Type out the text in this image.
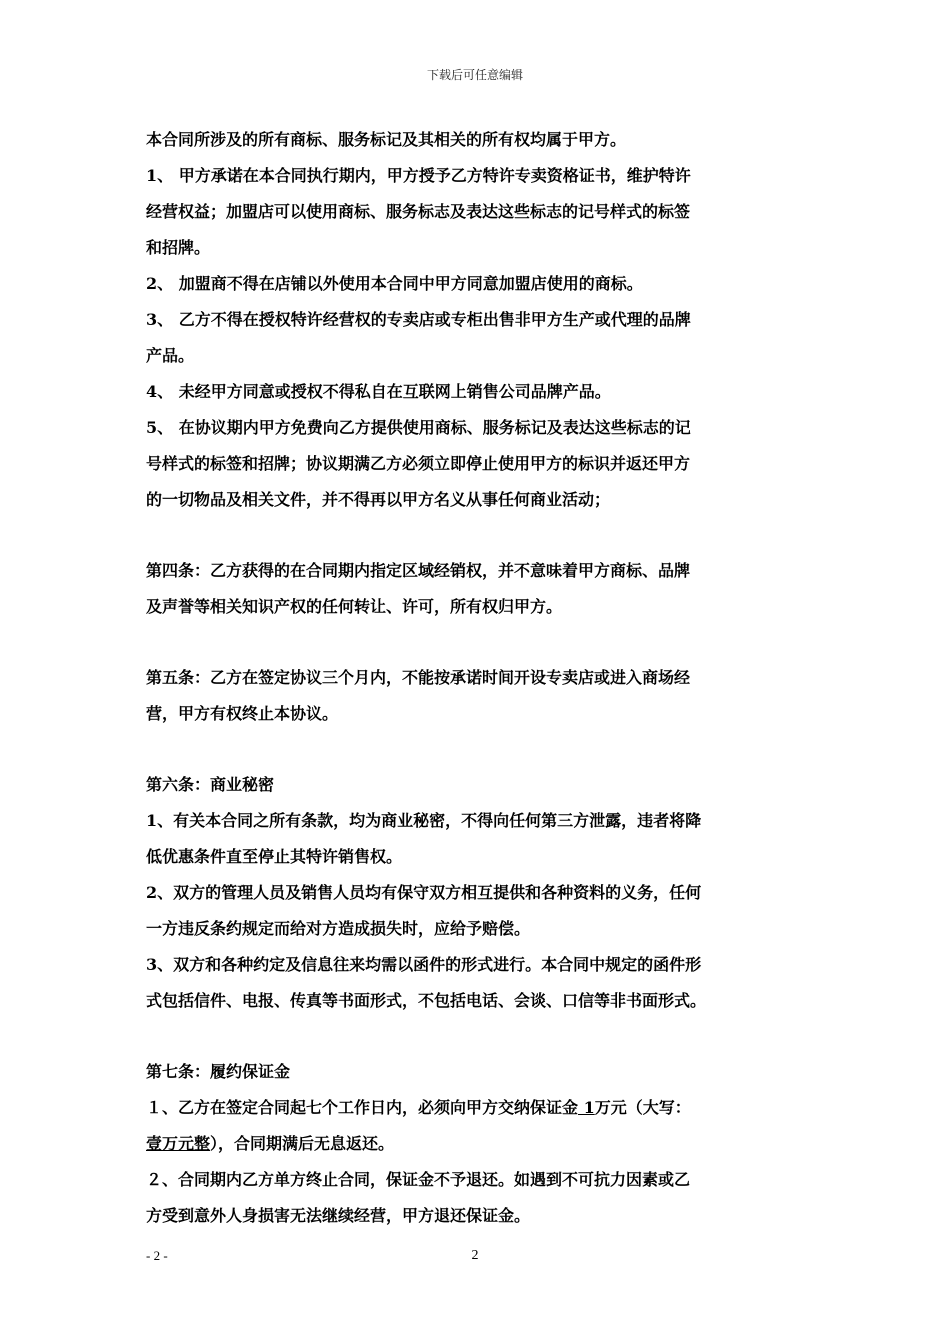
下载后可任意编辑
本合同所涉及的所有商标、服务标记及其相关的所有权均属于甲方。
1、 甲方承诺在本合同执行期内，甲方授予乙方特许专卖资格证书，维护特许
经营权益；加盟店可以使用商标、服务标志及表达这些标志的记号样式的标签
和招牌。
2、 加盟商不得在店铺以外使用本合同中甲方同意加盟店使用的商标。
3、 乙方不得在授权特许经营权的专卖店或专柜出售非甲方生产或代理的品牌
产品。
4、 未经甲方同意或授权不得私自在互联网上销售公司品牌产品。
5、 在协议期内甲方免费向乙方提供使用商标、服务标记及表达这些标志的记
号样式的标签和招牌；协议期满乙方必须立即停止使用甲方的标识并返还甲方
的一切物品及相关文件，并不得再以甲方名义从事任何商业活动；
第四条：乙方获得的在合同期内指定区域经销权，并不意味着甲方商标、品牌
及声誉等相关知识产权的任何转让、许可，所有权归甲方。
第五条：乙方在签定协议三个月内，不能按承诺时间开设专卖店或进入商场经
营，甲方有权终止本协议。
第六条：商业秘密
1、有关本合同之所有条款，均为商业秘密，不得向任何第三方泄露，违者将降
低优惠条件直至停止其特许销售权。
2、双方的管理人员及销售人员均有保守双方相互提供和各种资料的义务，任何
一方违反条约规定而给对方造成损失时，应给予赔偿。
3、双方和各种约定及信息往来均需以函件的形式进行。本合同中规定的函件形
式包括信件、电报、传真等书面形式，不包括电话、会谈、口信等非书面形式。
第七条：履约保证金
１、乙方在签定合同起七个工作日内，必须向甲方交纳保证金 1万元（大写：
壹万元整），合同期满后无息返还。
２、合同期内乙方单方终止合同，保证金不予退还。如遇到不可抗力因素或乙
方受到意外人身损害无法继续经营，甲方退还保证金。
- 2 -	2
